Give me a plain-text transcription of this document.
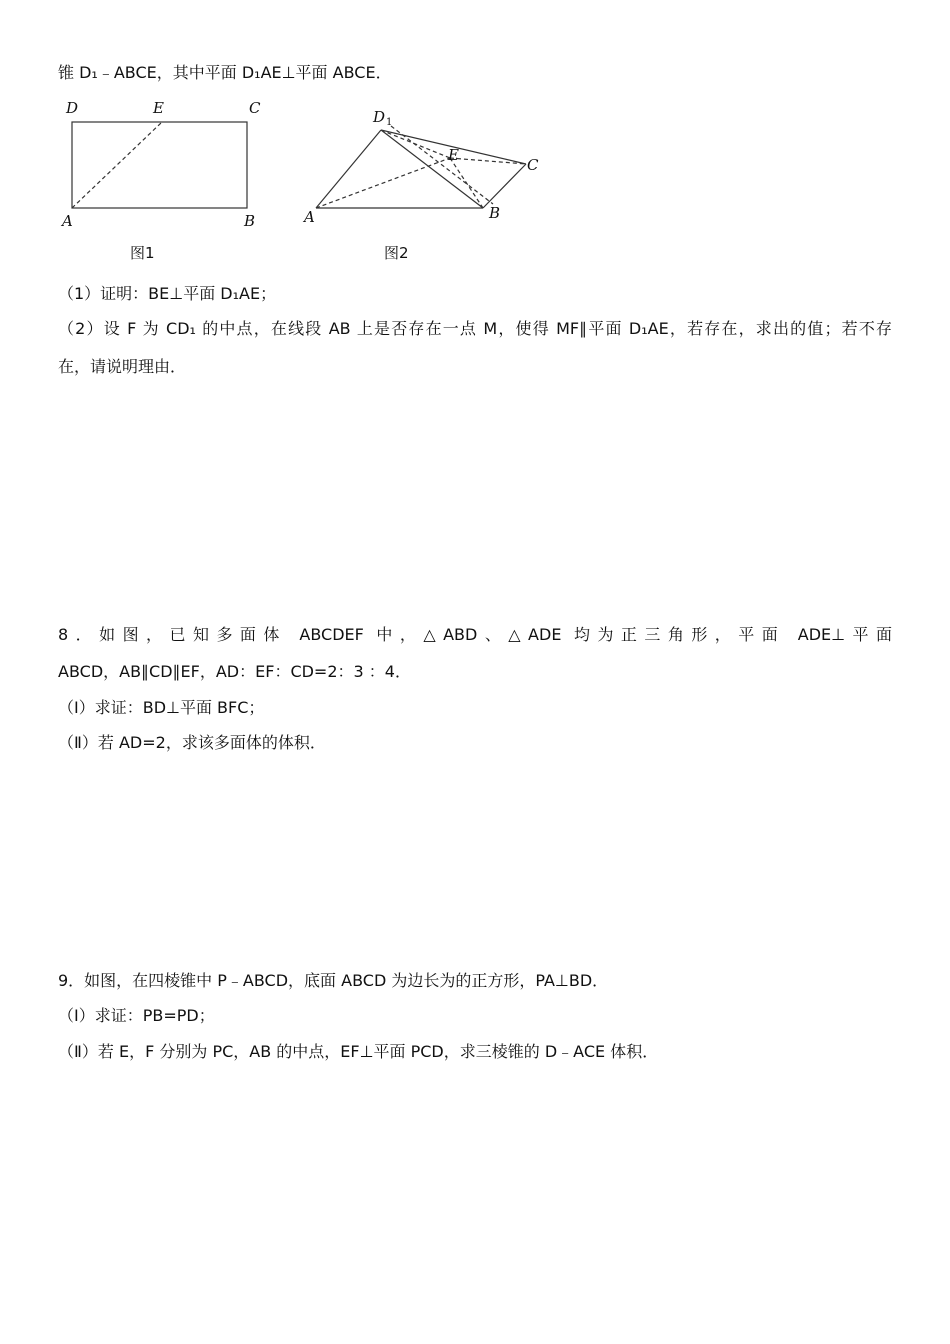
锥 D₁﹣ABCE，其中平面 D₁AE⊥平面 ABCE．
D	E	C
A	B
图1
D 1
E
C
A	B
图2
（1）证明：BE⊥平面 D₁AE；
（2）设 F 为 CD₁ 的中点，在线段 AB 上是否存在一点 M，使得 MF∥平面 D₁AE，若存在，求出的值；若不存
在，请说明理由．
8．如图，已知多面体 ABCDEF 中，△ABD、△ADE 均为正三角形，平面 ADE⊥平面
ABCD，AB∥CD∥EF，AD：EF：CD=2：3 ：4．
（Ⅰ）求证：BD⊥平面 BFC；
（Ⅱ）若 AD=2，求该多面体的体积．
9．如图，在四棱锥中 P﹣ABCD，底面 ABCD 为边长为的正方形，PA⊥BD．
（Ⅰ）求证：PB=PD；
（Ⅱ）若 E，F 分别为 PC，AB 的中点，EF⊥平面 PCD，求三棱锥的 D﹣ACE 体积．
